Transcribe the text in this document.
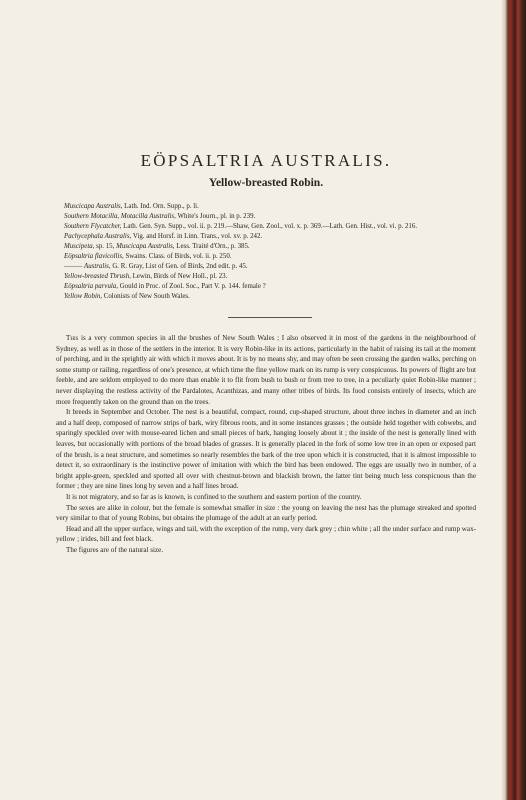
EÖPSALTRIA AUSTRALIS.
Yellow-breasted Robin.

Muscicapa Australis, Lath. Ind. Orn. Supp., p. li.

Southern Motacilla, Motacilla Australis, White's Journ., pl. in p. 239.

Southern Flycatcher, Lath. Gen. Syn. Supp., vol. ii. p. 219.—Shaw, Gen. Zool., vol. x. p. 369.—Lath. Gen. Hist., vol. vi. p. 216.

Pachycephala Australis, Vig. and Horsf. in Linn. Trans., vol. xv. p. 242.

Muscipeta, sp. 15, Muscicapa Australis, Less. Traité d'Orn., p. 385.

Eöpsaltria flavicollis, Swains. Class. of Birds, vol. ii. p. 250.

——— Australis, G. R. Gray, List of Gen. of Birds, 2nd edit. p. 45.

Yellow-breasted Thrush, Lewin, Birds of New Holl., pl. 23.

Eöpsaltria parvula, Gould in Proc. of Zool. Soc., Part V. p. 144. female ?

Yellow Robin, Colonists of New South Wales.

This is a very common species in all the brushes of New South Wales ; I also observed it in most of the gardens in the neighbourhood of Sydney, as well as in those of the settlers in the interior. It is very Robin-like in its actions, particularly in the habit of raising its tail at the moment of perching, and in the sprightly air with which it moves about. It is by no means shy, and may often be seen crossing the garden walks, perching on some stump or railing, regardless of one's presence, at which time the fine yellow mark on its rump is very conspicuous. Its powers of flight are but feeble, and are seldom employed to do more than enable it to flit from bush to bush or from tree to tree, in a peculiarly quiet Robin-like manner ; never displaying the restless activity of the Pardalotes, Acanthizas, and many other tribes of birds. Its food consists entirely of insects, which are more frequently taken on the ground than on the trees.

It breeds in September and October. The nest is a beautiful, compact, round, cup-shaped structure, about three inches in diameter and an inch and a half deep, composed of narrow strips of bark, wiry fibrous roots, and in some instances grasses ; the outside held together with cobwebs, and sparingly speckled over with mouse-eared lichen and small pieces of bark, hanging loosely about it ; the inside of the nest is generally lined with leaves, but occasionally with portions of the broad blades of grasses. It is generally placed in the fork of some low tree in an open or exposed part of the brush, is a neat structure, and sometimes so nearly resembles the bark of the tree upon which it is constructed, that it is almost impossible to detect it, so extraordinary is the instinctive power of imitation with which the bird has been endowed. The eggs are usually two in number, of a bright apple-green, speckled and spotted all over with chestnut-brown and blackish brown, the latter tint being much less conspicuous than the former ; they are nine lines long by seven and a half lines broad.

It is not migratory, and so far as is known, is confined to the southern and eastern portion of the country.

The sexes are alike in colour, but the female is somewhat smaller in size : the young on leaving the nest has the plumage streaked and spotted very similar to that of young Robins, but obtains the plumage of the adult at an early period.

Head and all the upper surface, wings and tail, with the exception of the rump, very dark grey ; chin white ; all the under surface and rump wax-yellow ; irides, bill and feet black.

The figures are of the natural size.
